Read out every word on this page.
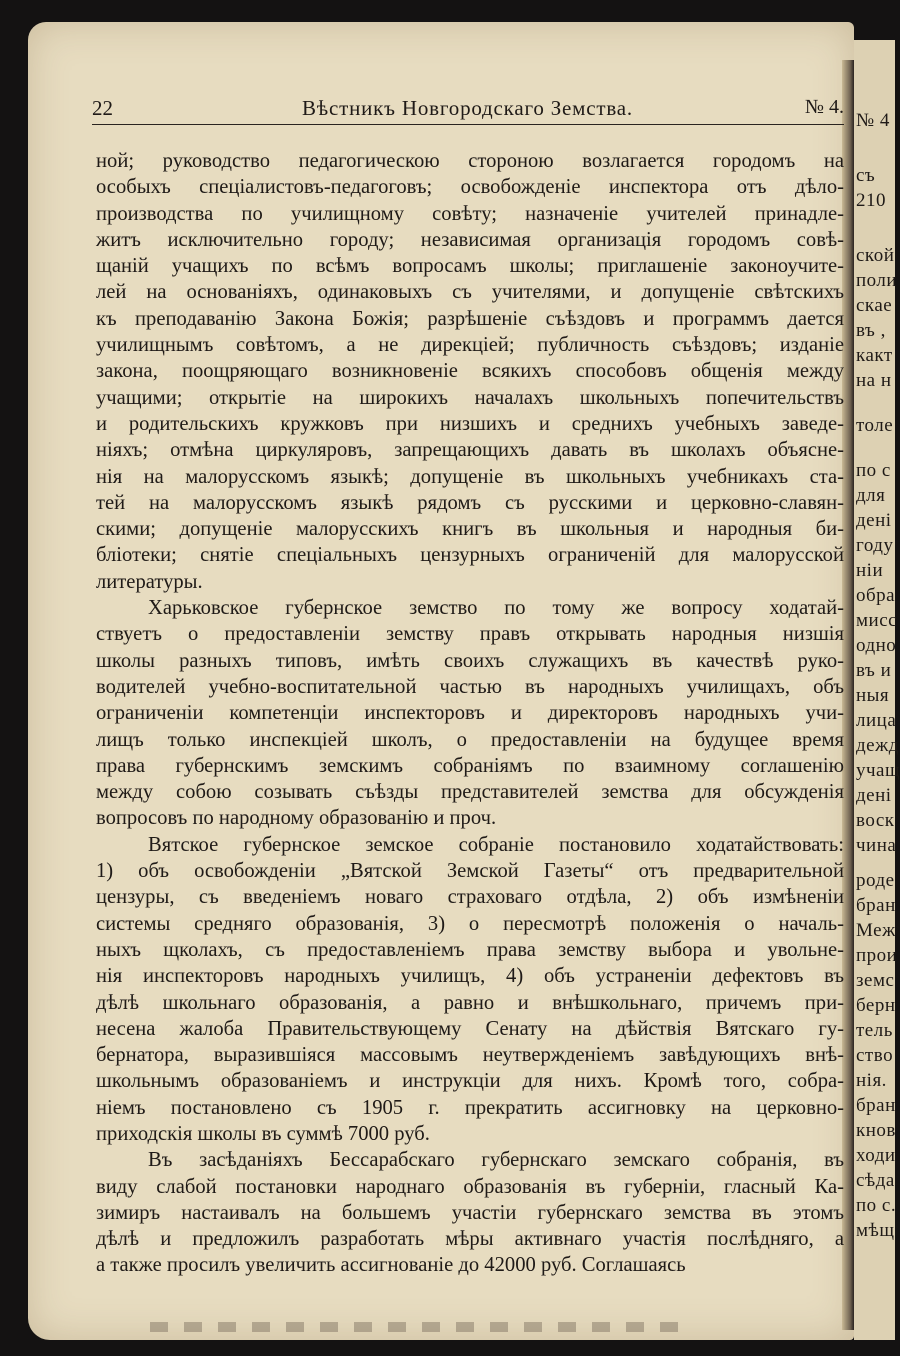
№ 4
съ
210
ской
поли
скаe
въ ,
какт
на н
толе
по с
для
дені
году
ніи
обра
мисс
одно
въ и
ныя
лица
дежд
учащ
дені
воск
чина
роде
бран
Меж
прои
земс
берн
тель
ство
нія.
бран
кнов
ходи
сѣда
по с.
мѣщ
22	Вѣстникъ Новгородскаго Земства.	№ 4.
ной; руководство педагогическою стороною возлагается городомъ на
особыхъ спеціалистовъ-педагоговъ; освобожденіе инспектора отъ дѣло-
производства по училищному совѣту; назначеніе учителей принадле-
житъ исключительно городу; независимая организація городомъ совѣ-
щаній учащихъ по всѣмъ вопросамъ школы; приглашеніе законоучите-
лей на основаніяхъ, одинаковыхъ съ учителями, и допущеніе свѣтскихъ
къ преподаванію Закона Божія; разрѣшеніе съѣздовъ и программъ дается
училищнымъ совѣтомъ, а не дирекціей; публичность съѣздовъ; изданіе
закона, поощряющаго возникновеніе всякихъ способовъ общенія между
учащими; открытіе на широкихъ началахъ школьныхъ попечительствъ
и родительскихъ кружковъ при низшихъ и среднихъ учебныхъ заведе-
ніяхъ; отмѣна циркуляровъ, запрещающихъ давать въ школахъ объясне-
нія на малорусскомъ языкѣ; допущеніе въ школьныхъ учебникахъ ста-
тей на малорусскомъ языкѣ рядомъ съ русскими и церковно-славян-
скими; допущеніе малорусскихъ книгъ въ школьныя и народныя би-
бліотеки; снятіе спеціальныхъ цензурныхъ ограниченій для малорусской
литературы.
Харьковское губернское земство по тому же вопросу ходатай-
ствуетъ о предоставленіи земству правъ открывать народныя низшія
школы разныхъ типовъ, имѣть своихъ служащихъ въ качествѣ руко-
водителей учебно-воспитательной частью въ народныхъ училищахъ, объ
ограниченіи компетенціи инспекторовъ и директоровъ народныхъ учи-
лищъ только инспекціей школъ, о предоставленіи на будущее время
права губернскимъ земскимъ собраніямъ по взаимному соглашенію
между собою созывать съѣзды представителей земства для обсужденія
вопросовъ по народному образованію и проч.
Вятское губернское земское собраніе постановило ходатайствовать:
1) объ освобожденіи „Вятской Земской Газеты“ отъ предварительной
цензуры, съ введеніемъ новаго страховаго отдѣла, 2) объ измѣненіи
системы средняго образованія, 3) о пересмотрѣ положенія о началь-
ныхъ щколахъ, съ предоставленіемъ права земству выбора и увольне-
нія инспекторовъ народныхъ училищъ, 4) объ устраненіи дефектовъ въ
дѣлѣ школьнаго образованія, а равно и внѣшкольнаго, причемъ при-
несена жалоба Правительствующему Сенату на дѣйствія Вятскаго гу-
бернатора, выразившіяся массовымъ неутвержденіемъ завѣдующихъ внѣ-
школьнымъ образованіемъ и инструкціи для нихъ. Кромѣ того, собра-
ніемъ постановлено съ 1905 г. прекратить ассигновку на церковно-
приходскія школы въ суммѣ 7000 руб.
Въ засѣданіяхъ Бессарабскаго губернскаго земскаго собранія, въ
виду слабой постановки народнаго образованія въ губерніи, гласный Ка-
зимиръ настаивалъ на большемъ участіи губернскаго земства въ этомъ
дѣлѣ и предложилъ разработать мѣры активнаго участія послѣдняго, а
а также просилъ увеличить ассигнованіе до 42000 руб. Соглашаясь
